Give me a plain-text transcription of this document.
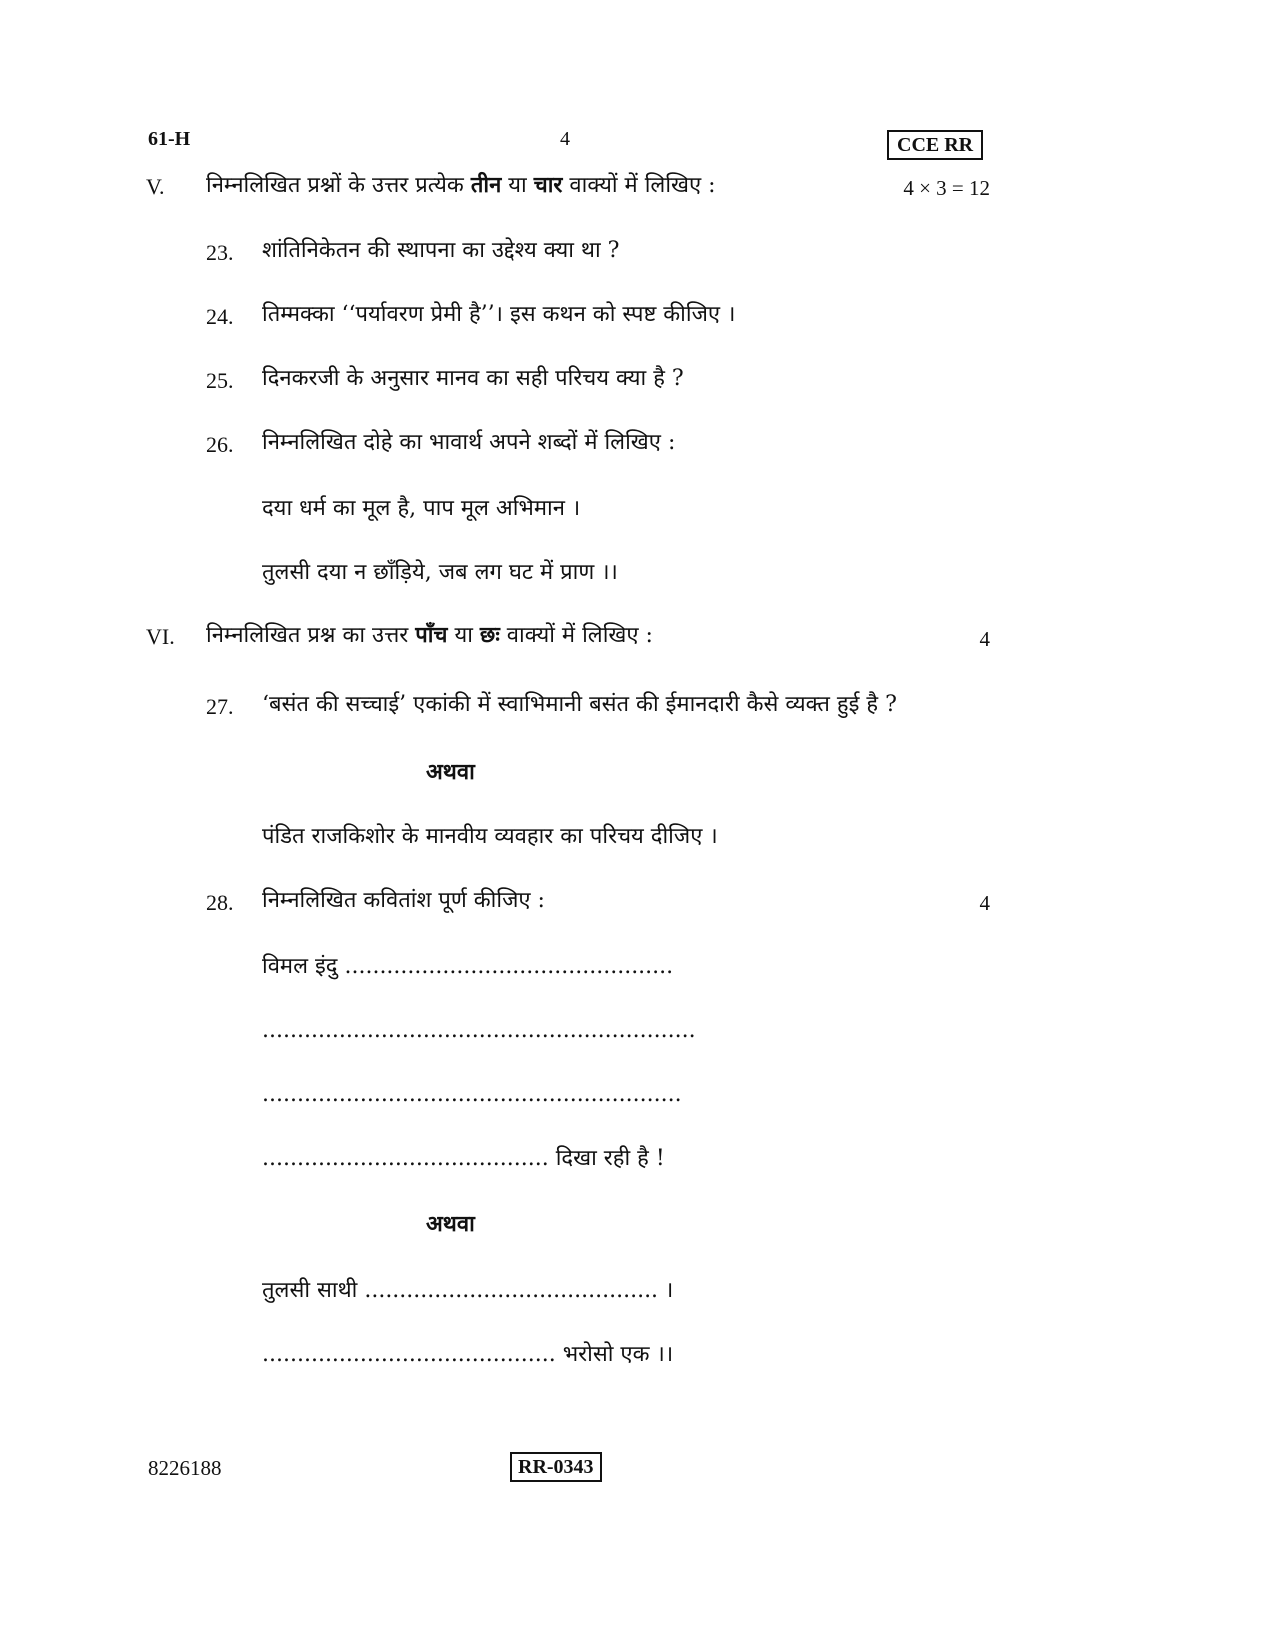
61-H	4	CCE RR
V. निम्नलिखित प्रश्नों के उत्तर प्रत्येक तीन या चार वाक्यों में लिखिए :	4 × 3 = 12
23. शांतिनिकेतन की स्थापना का उद्देश्य क्या था ?
24. तिम्मक्का ‘‘पर्यावरण प्रेमी है’’। इस कथन को स्पष्ट कीजिए ।
25. दिनकरजी के अनुसार मानव का सही परिचय क्या है ?
26. निम्नलिखित दोहे का भावार्थ अपने शब्दों में लिखिए :
दया धर्म का मूल है, पाप मूल अभिमान ।
तुलसी दया न छाँड़िये, जब लग घट में प्राण ।।
VI. निम्नलिखित प्रश्न का उत्तर पाँच या छः वाक्यों में लिखिए :	4
27. ‘बसंत की सच्चाई’ एकांकी में स्वाभिमानी बसंत की ईमानदारी कैसे व्यक्त हुई है ?
अथवा
पंडित राजकिशोर के मानवीय व्यवहार का परिचय दीजिए ।
28. निम्नलिखित कवितांश पूर्ण कीजिए :	4
विमल इंदु ...............................................
..............................................................
............................................................
......................................... दिखा रही है !
अथवा
तुलसी साथी .......................................... ।
.......................................... भरोसो एक ।।
8226188	RR-0343
